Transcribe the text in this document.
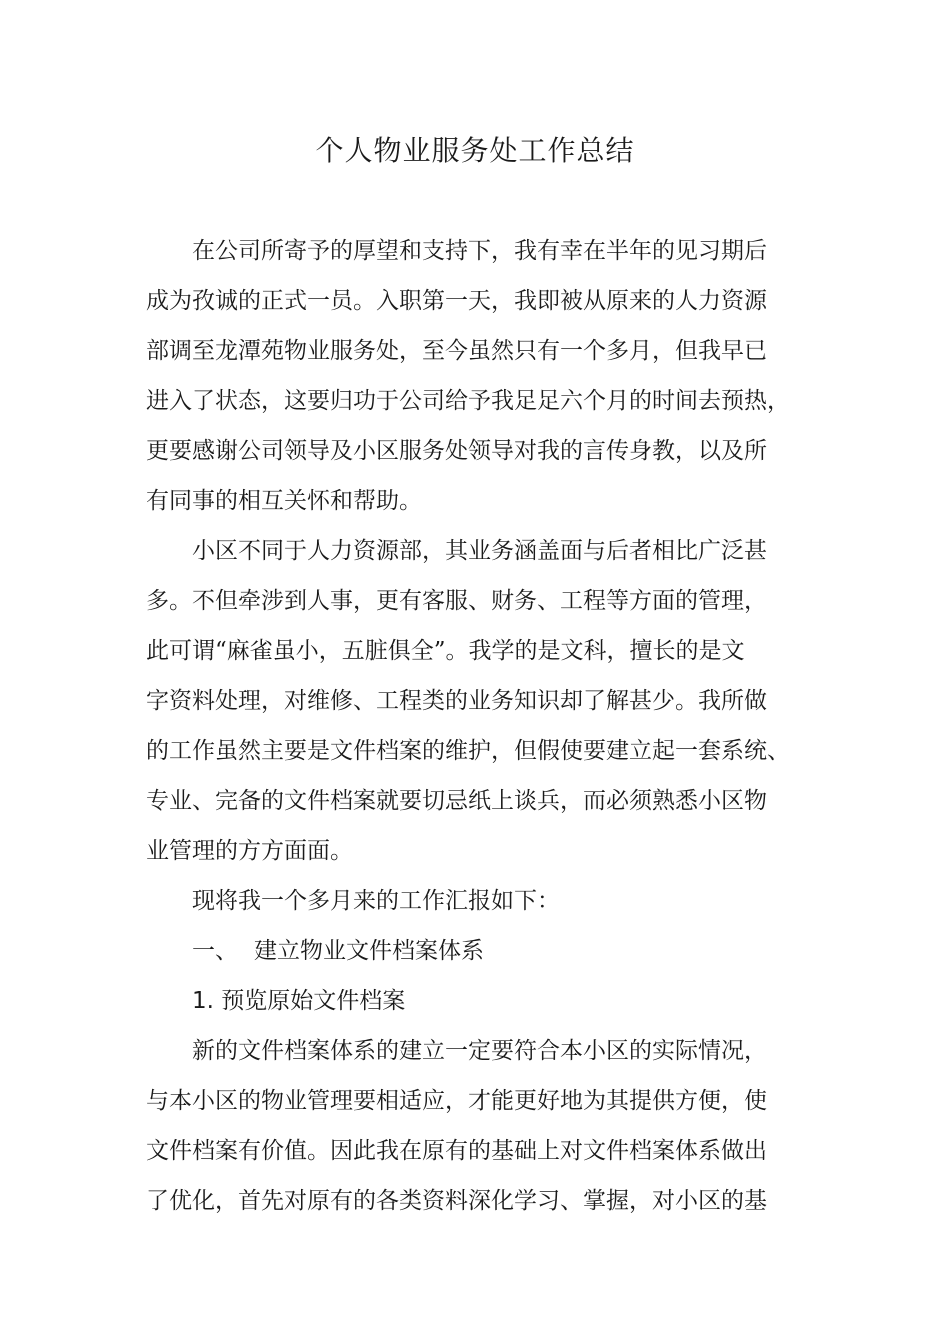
个人物业服务处工作总结
在公司所寄予的厚望和支持下，我有幸在半年的见习期后
成为孜诚的正式一员。入职第一天，我即被从原来的人力资源
部调至龙潭苑物业服务处，至今虽然只有一个多月，但我早已
进入了状态，这要归功于公司给予我足足六个月的时间去预热，
更要感谢公司领导及小区服务处领导对我的言传身教，以及所
有同事的相互关怀和帮助。
小区不同于人力资源部，其业务涵盖面与后者相比广泛甚
多。不但牵涉到人事，更有客服、财务、工程等方面的管理，
此可谓“麻雀虽小，五脏俱全”。我学的是文科，擅长的是文
字资料处理，对维修、工程类的业务知识却了解甚少。我所做
的工作虽然主要是文件档案的维护，但假使要建立起一套系统、
专业、完备的文件档案就要切忌纸上谈兵，而必须熟悉小区物
业管理的方方面面。
现将我一个多月来的工作汇报如下：
一、 建立物业文件档案体系
1. 预览原始文件档案
新的文件档案体系的建立一定要符合本小区的实际情况，
与本小区的物业管理要相适应，才能更好地为其提供方便，使
文件档案有价值。因此我在原有的基础上对文件档案体系做出
了优化，首先对原有的各类资料深化学习、掌握，对小区的基
